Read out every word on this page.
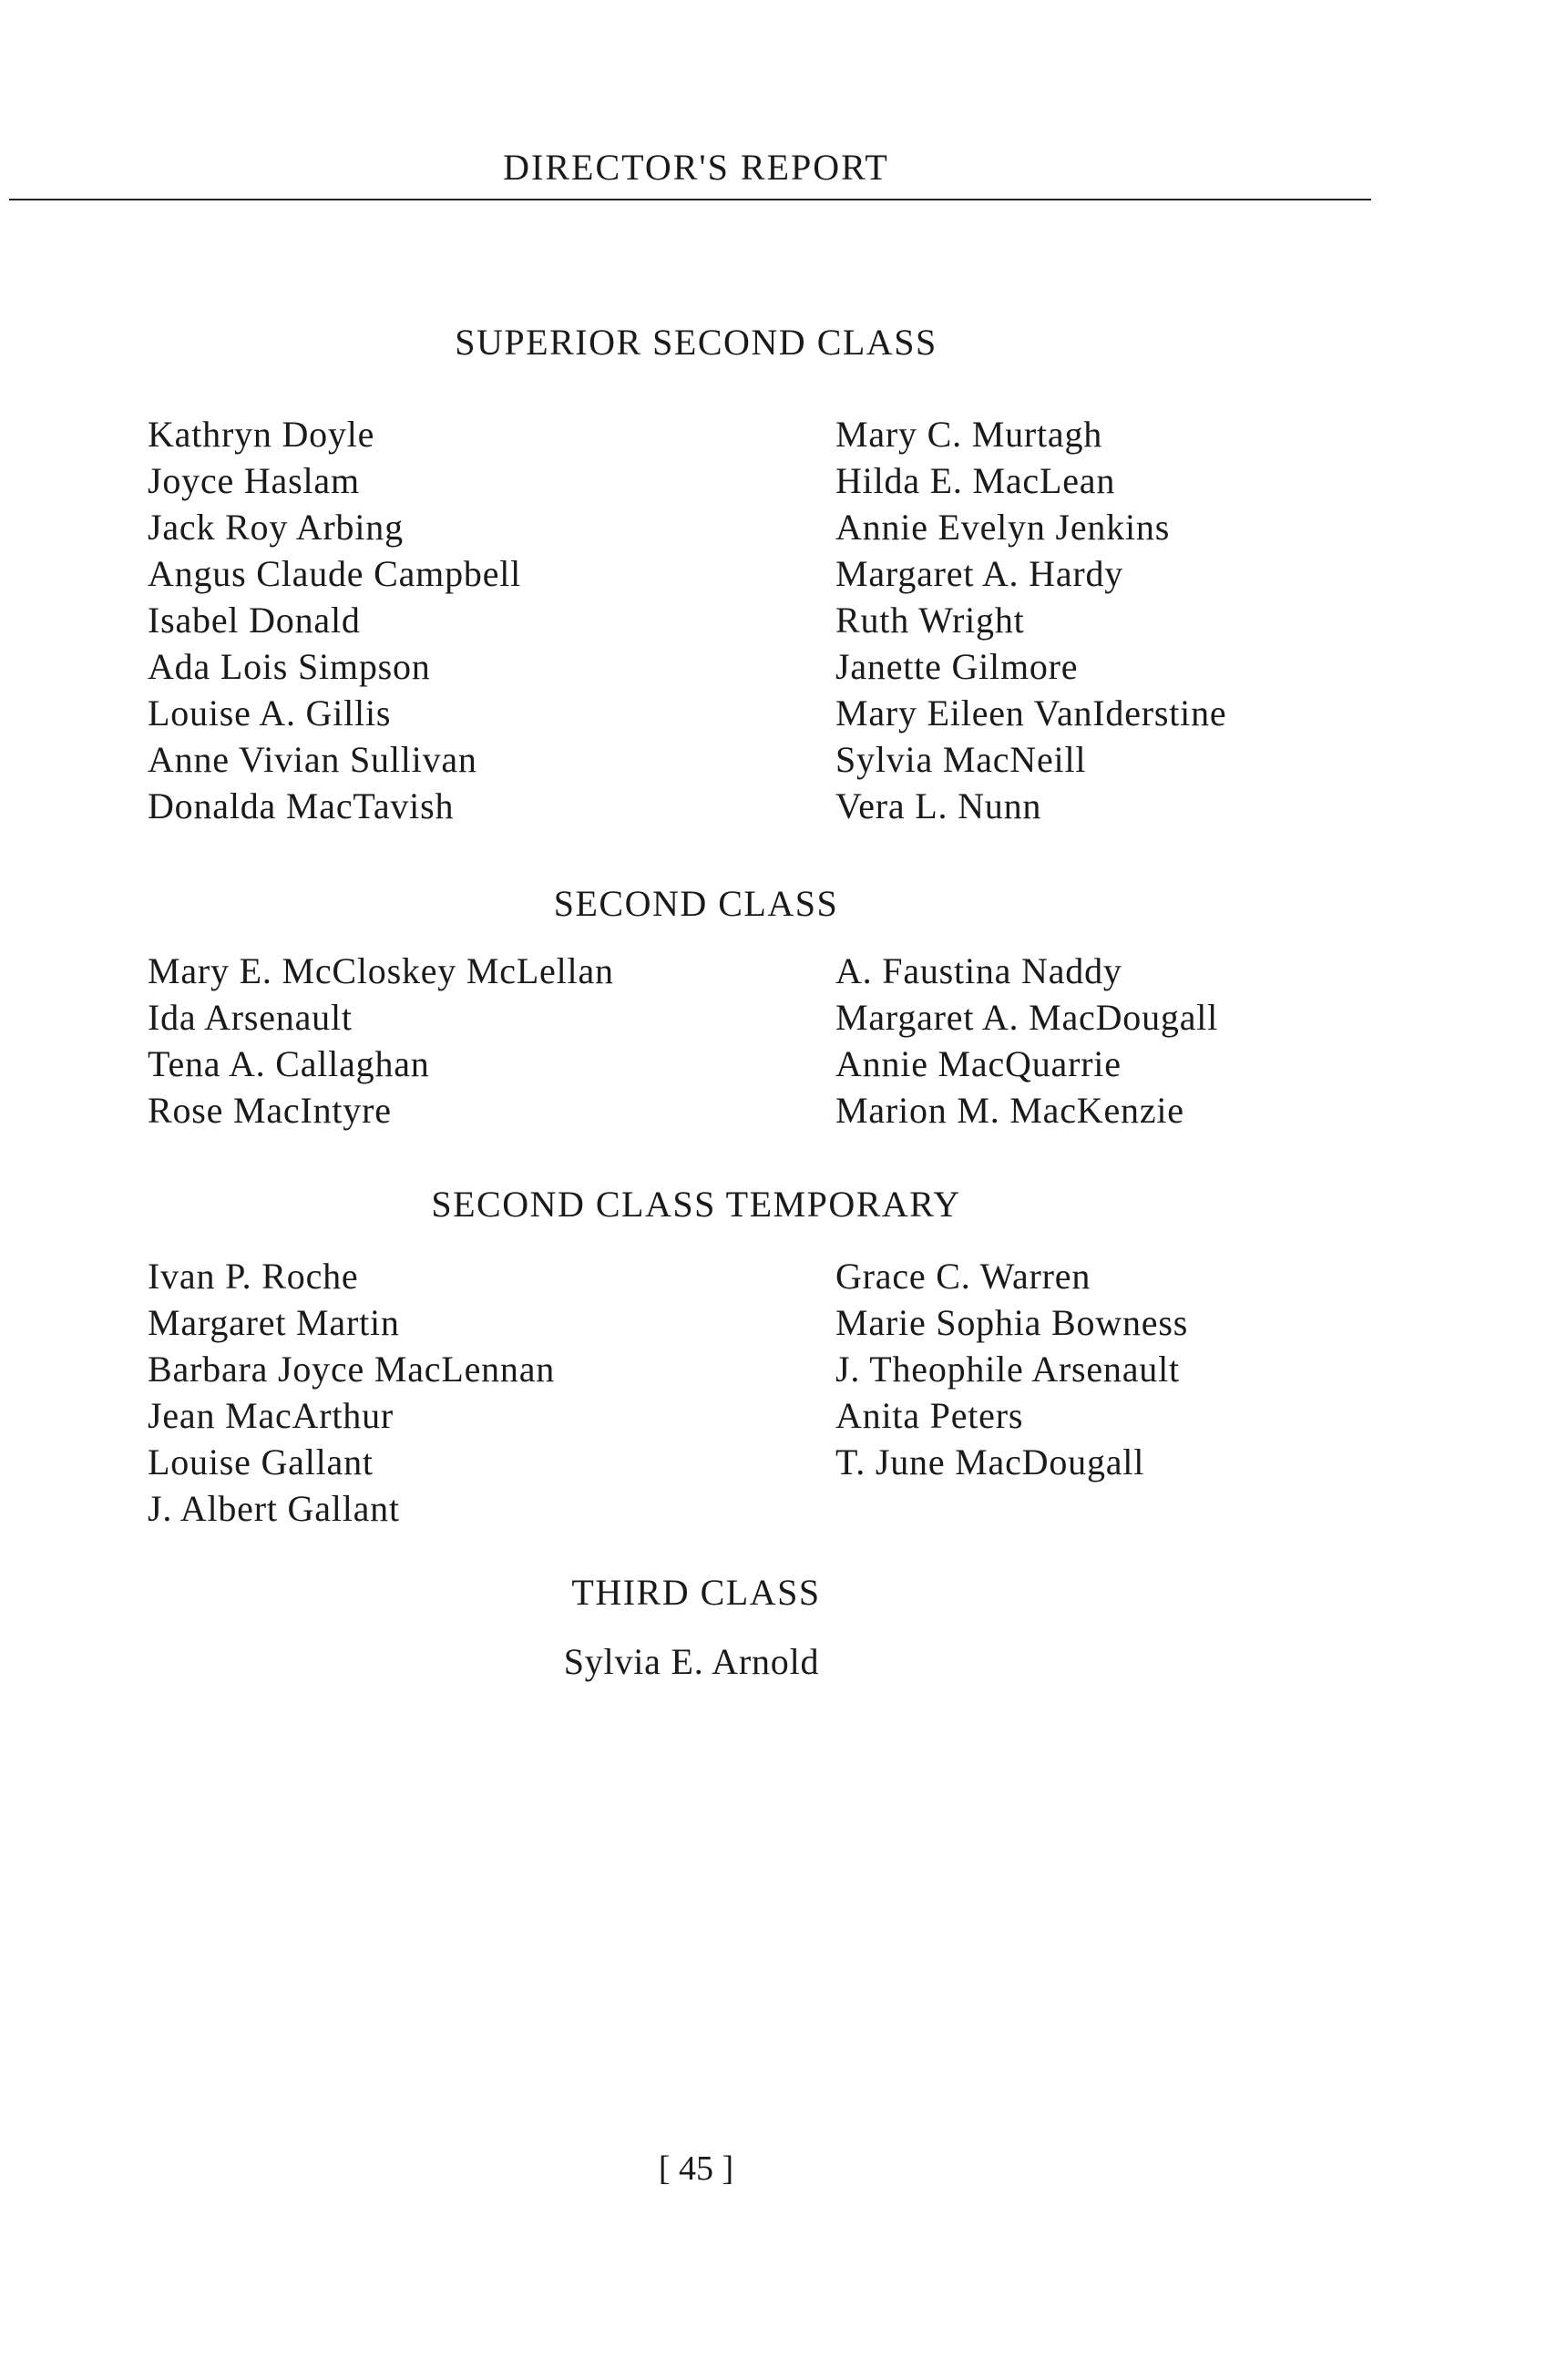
DIRECTOR'S REPORT
SUPERIOR SECOND CLASS
Kathryn Doyle
Joyce Haslam
Jack Roy Arbing
Angus Claude Campbell
Isabel Donald
Ada Lois Simpson
Louise A. Gillis
Anne Vivian Sullivan
Donalda MacTavish
Mary C. Murtagh
Hilda E. MacLean
Annie Evelyn Jenkins
Margaret A. Hardy
Ruth Wright
Janette Gilmore
Mary Eileen VanIderstine
Sylvia MacNeill
Vera L. Nunn
SECOND CLASS
Mary E. McCloskey McLellan
Ida Arsenault
Tena A. Callaghan
Rose MacIntyre
A. Faustina Naddy
Margaret A. MacDougall
Annie MacQuarrie
Marion M. MacKenzie
SECOND CLASS TEMPORARY
Ivan P. Roche
Margaret Martin
Barbara Joyce MacLennan
Jean MacArthur
Louise Gallant
J. Albert Gallant
Grace C. Warren
Marie Sophia Bowness
J. Theophile Arsenault
Anita Peters
T. June MacDougall
THIRD CLASS
Sylvia E. Arnold
[ 45 ]
